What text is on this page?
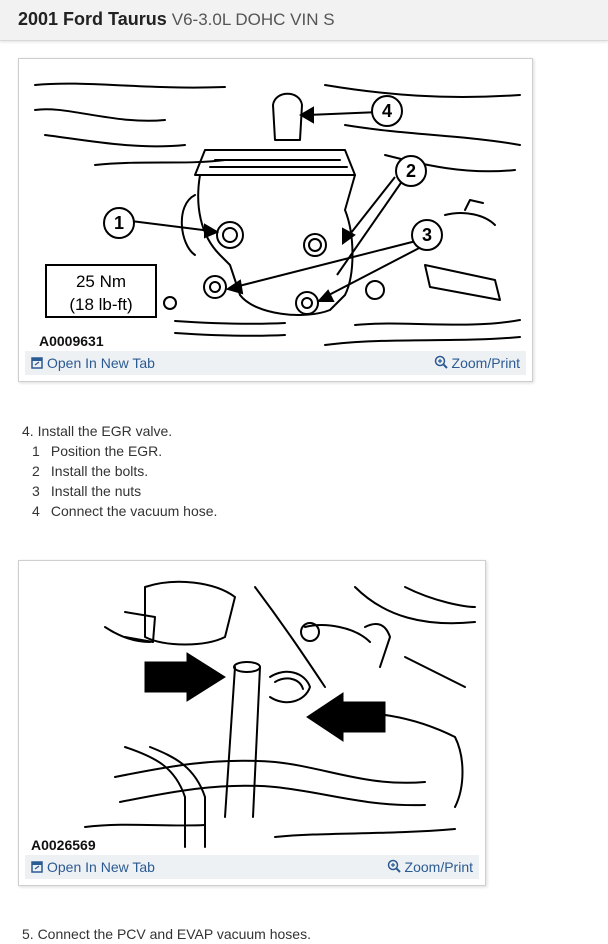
2001 Ford Taurus V6-3.0L DOHC VIN S
1
2
3
4
25 Nm
(18 lb-ft)
A0009631
Open In New Tab	Zoom/Print
4. Install the EGR valve.
1 Position the EGR.
2 Install the bolts.
3 Install the nuts
4 Connect the vacuum hose.
A0026569
Open In New Tab	Zoom/Print
5. Connect the PCV and EVAP vacuum hoses.
